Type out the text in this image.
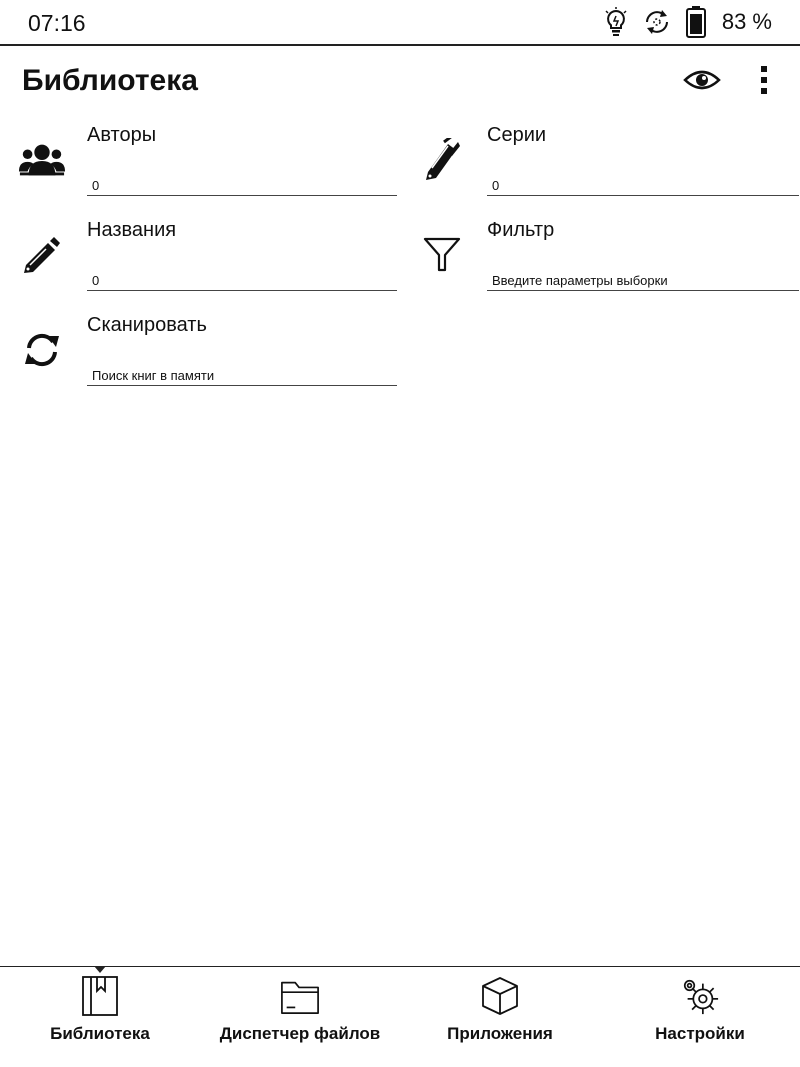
07:16	83 %
Библиотека
Авторы
0
Серии
0
Названия
0
Фильтр
Введите параметры выборки
Сканировать
Поиск книг в памяти
Библиотека	Диспетчер файлов	Приложения	Настройки
